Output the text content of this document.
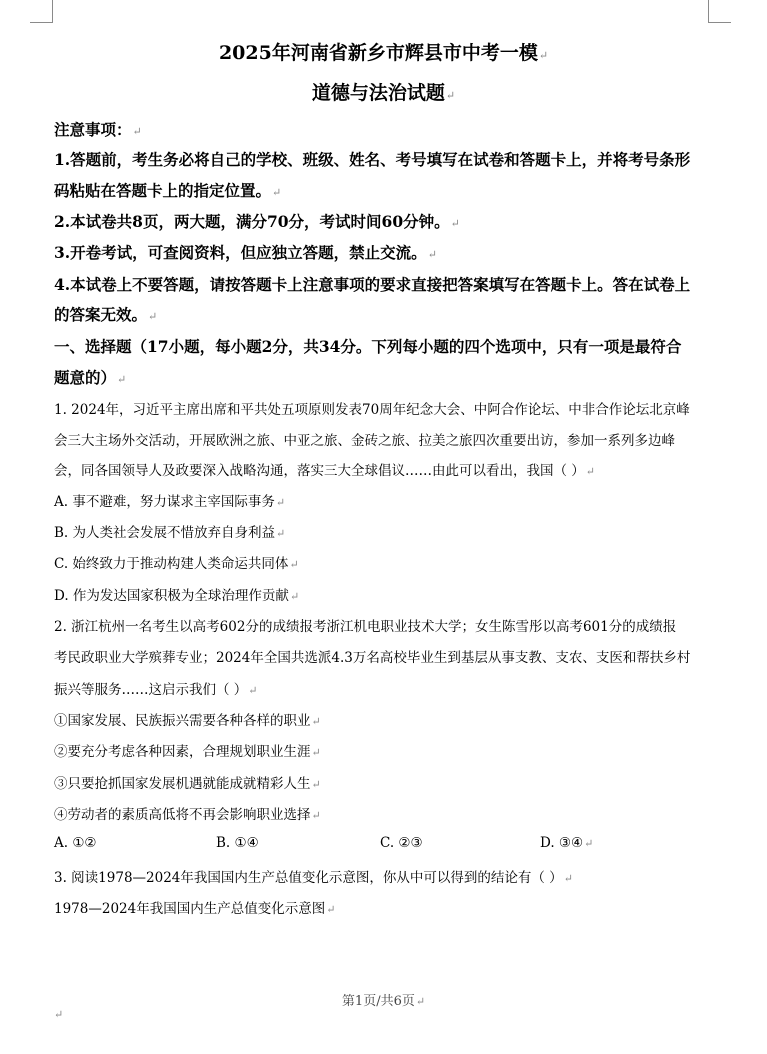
2025年河南省新乡市辉县市中考一模↵
道德与法治试题↵
注意事项：↵
1.答题前，考生务必将自己的学校、班级、姓名、考号填写在试卷和答题卡上，并将考号条形
码粘贴在答题卡上的指定位置。↵
2.本试卷共8页，两大题，满分70分，考试时间60分钟。↵
3.开卷考试，可查阅资料，但应独立答题，禁止交流。↵
4.本试卷上不要答题，请按答题卡上注意事项的要求直接把答案填写在答题卡上。答在试卷上
的答案无效。↵
一、选择题（17小题，每小题2分，共34分。下列每小题的四个选项中，只有一项是最符合
题意的）↵
1. 2024年，习近平主席出席和平共处五项原则发表70周年纪念大会、中阿合作论坛、中非合作论坛北京峰
会三大主场外交活动，开展欧洲之旅、中亚之旅、金砖之旅、拉美之旅四次重要出访，参加一系列多边峰
会，同各国领导人及政要深入战略沟通，落实三大全球倡议……由此可以看出，我国（ ）↵
A. 事不避难，努力谋求主宰国际事务↵
B. 为人类社会发展不惜放弃自身利益↵
C. 始终致力于推动构建人类命运共同体↵
D. 作为发达国家积极为全球治理作贡献↵
2. 浙江杭州一名考生以高考602分的成绩报考浙江机电职业技术大学；女生陈雪彤以高考601分的成绩报
考民政职业大学殡葬专业；2024年全国共选派4.3万名高校毕业生到基层从事支教、支农、支医和帮扶乡村
振兴等服务……这启示我们（ ）↵
①国家发展、民族振兴需要各种各样的职业↵
②要充分考虑各种因素，合理规划职业生涯↵
③只要抢抓国家发展机遇就能成就精彩人生↵
④劳动者的素质高低将不再会影响职业选择↵
A. ①②	B. ①④	C. ②③	D. ③④↵
3. 阅读1978—2024年我国国内生产总值变化示意图，你从中可以得到的结论有（ ）↵
1978—2024年我国国内生产总值变化示意图↵
第1页/共6页↵
↵
